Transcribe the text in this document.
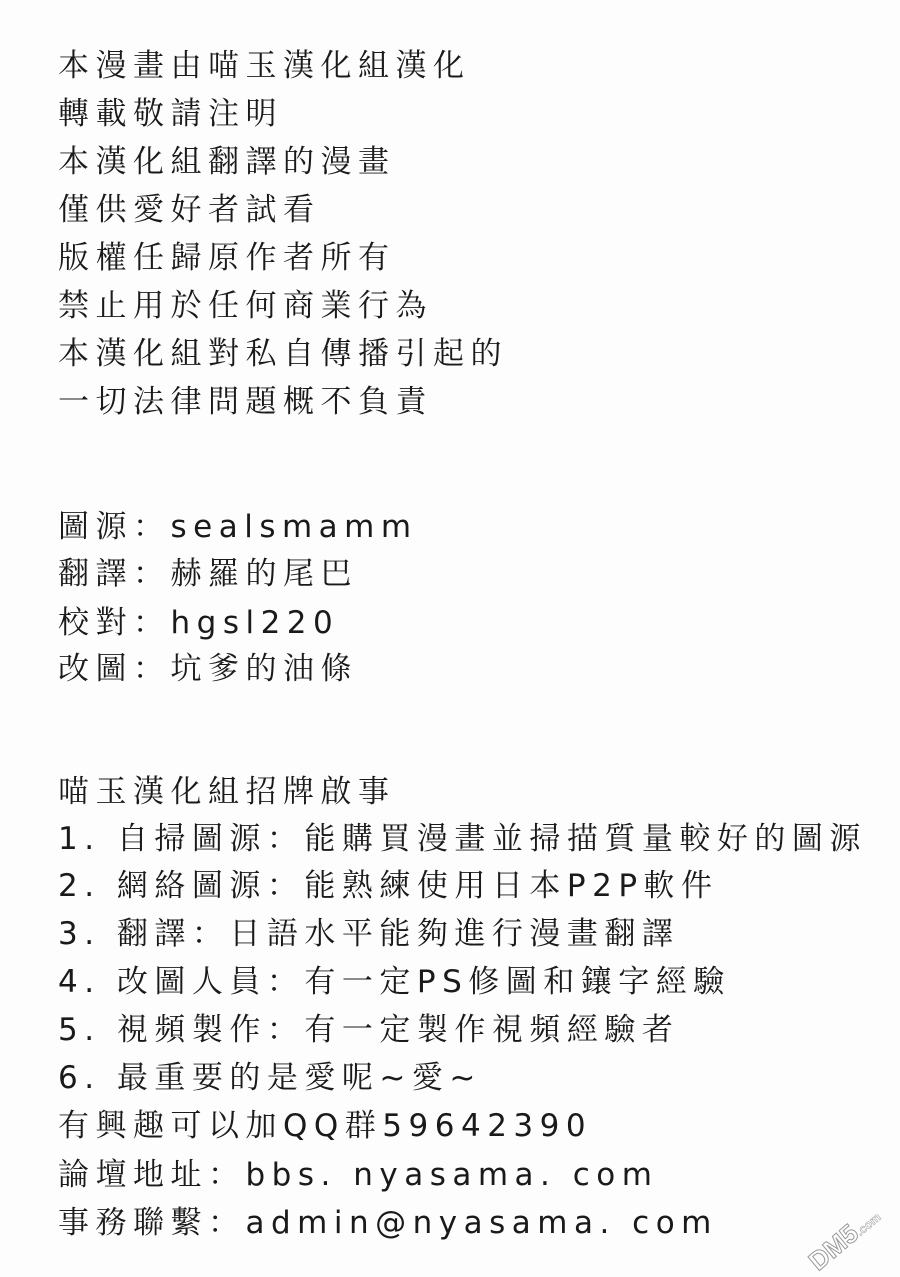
本漫畫由喵玉漢化組漢化
轉載敬請注明
本漢化組翻譯的漫畫
僅供愛好者試看
版權任歸原作者所有
禁止用於任何商業行為
本漢化組對私自傳播引起的
一切法律問題概不負責
圖源：sealsmamm
翻譯：赫羅的尾巴
校對：hgsl220
改圖：坑爹的油條
喵玉漢化組招牌啟事
1. 自掃圖源：能購買漫畫並掃描質量較好的圖源
2. 網絡圖源：能熟練使用日本P2P軟件
3. 翻譯：日語水平能夠進行漫畫翻譯
4. 改圖人員：有一定PS修圖和鑲字經驗
5. 視頻製作：有一定製作視頻經驗者
6. 最重要的是愛呢~愛~
有興趣可以加QQ群59642390
論壇地址：bbs. nyasama. com
事務聯繫：admin@nyasama. com	DM5.com
